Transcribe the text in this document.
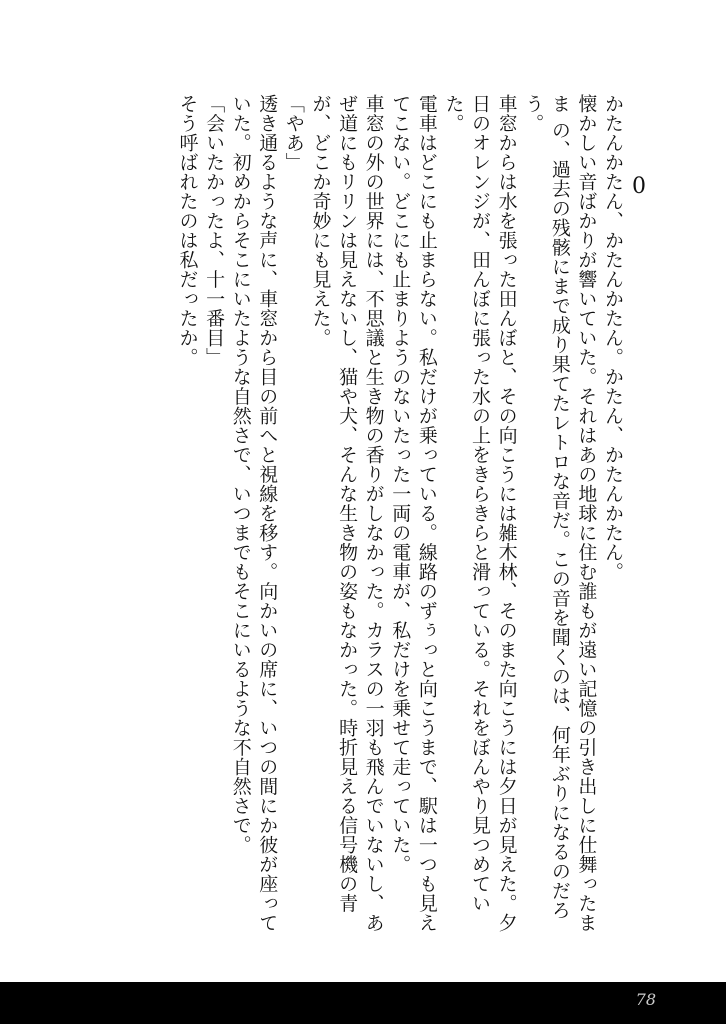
0

かたんかたん、かたんかたん。かたん、かたんかたん。

懐かしい音ばかりが響いていた。それはあの地球に住む誰もが遠い記憶の引き出しに仕舞ったまま の、過去の残骸にまで成り果てたレトロな音だ。この音を聞くのは、何年ぶりになるのだろう。

車窓からは水を張った田んぼと、その向こうには雑木林、そのまた向こうには夕日が見えた。夕日のオレンジが、田んぼに張った水の上をきらきらと滑っている。それをぼんやり見つめていた。

電車はどこにも止まらない。私だけが乗っている。線路のずぅっと向こうまで、駅は一つも見えてこない。どこにも止まりようのないたった一両の電車が、私だけを乗せて走っていた。

車窓の外の世界には、不思議と生き物の香りがしなかった。カラスの一羽も飛んでいないし、あぜ道にもリリンは見えないし、猫や犬、そんな生き物の姿もなかった。時折見える信号機の青が、どこか奇妙にも見えた。

「やあ」

透き通るような声に、車窓から目の前へと視線を移す。向かいの席に、いつの間にか彼が座っていた。初めからそこにいたような自然さで、いつまでもそこにいるような不自然さで。

「会いたかったよ、十一番目」

そう呼ばれたのは私だったか。

78
